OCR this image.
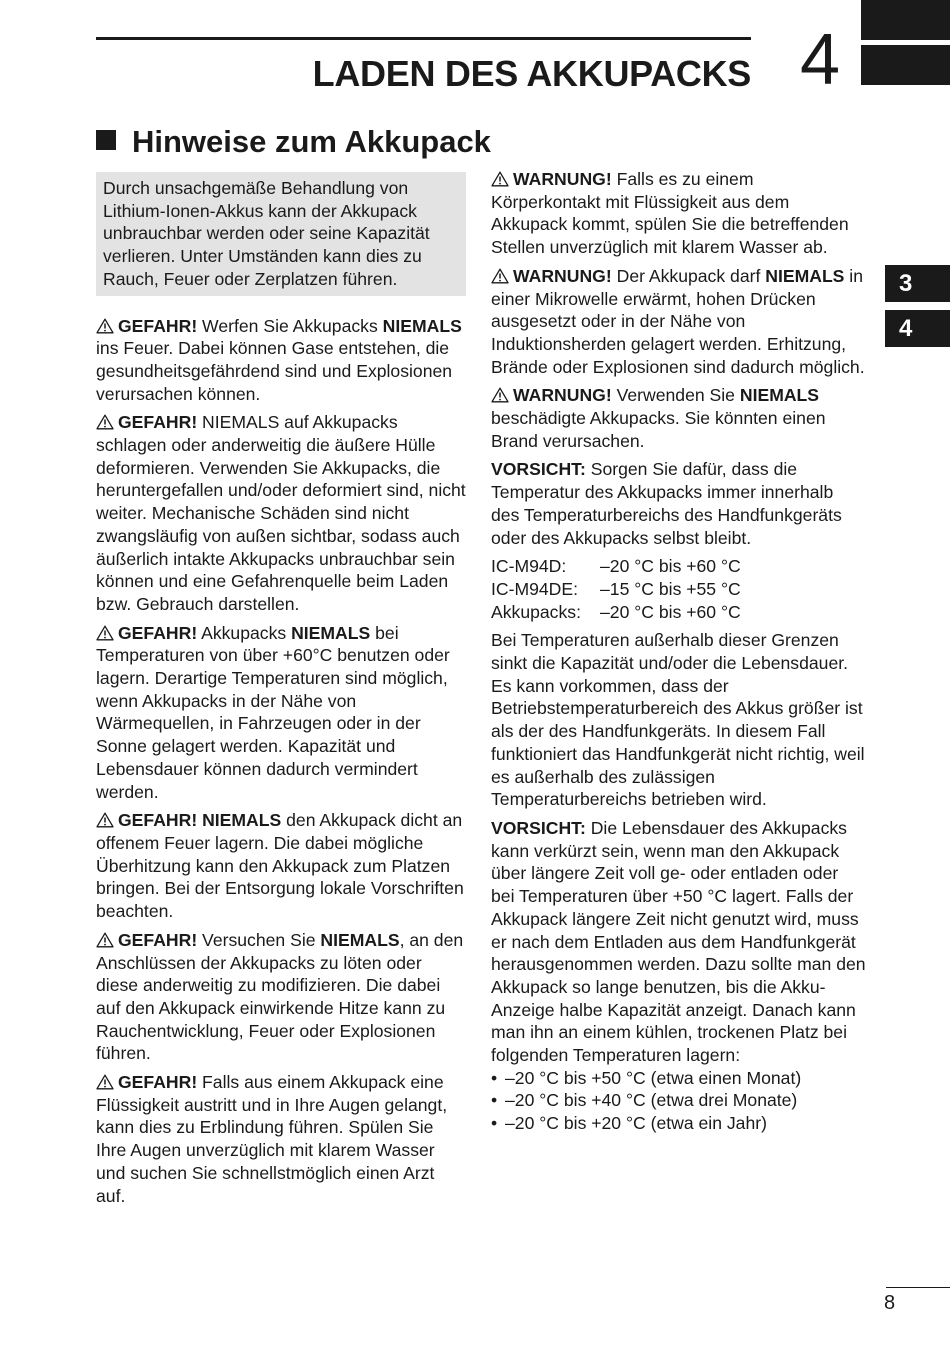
LADEN DES AKKUPACKS 4
Hinweise zum Akkupack
3
4
Durch unsachgemäße Behandlung von Lithium-Ionen-Akkus kann der Akkupack unbrauchbar werden oder seine Kapazität verlieren. Unter Umständen kann dies zu Rauch, Feuer oder Zerplatzen führen.
GEFAHR! Werfen Sie Akkupacks NIEMALS ins Feuer. Dabei können Gase entstehen, die gesundheitsgefährdend sind und Explosionen verursachen können.
GEFAHR! NIEMALS auf Akkupacks schlagen oder anderweitig die äußere Hülle deformieren. Verwenden Sie Akkupacks, die heruntergefallen und/oder deformiert sind, nicht weiter. Mechanische Schäden sind nicht zwangsläufig von außen sichtbar, sodass auch äußerlich intakte Akkupacks unbrauchbar sein können und eine Gefahrenquelle beim Laden bzw. Gebrauch darstellen.
GEFAHR! Akkupacks NIEMALS bei Temperaturen von über +60°C benutzen oder lagern. Derartige Temperaturen sind möglich, wenn Akkupacks in der Nähe von Wärmequellen, in Fahrzeugen oder in der Sonne gelagert werden. Kapazität und Lebensdauer können dadurch vermindert werden.
GEFAHR! NIEMALS den Akkupack dicht an offenem Feuer lagern. Die dabei mögliche Überhitzung kann den Akkupack zum Platzen bringen. Bei der Entsorgung lokale Vorschriften beachten.
GEFAHR! Versuchen Sie NIEMALS, an den Anschlüssen der Akkupacks zu löten oder diese anderweitig zu modifizieren. Die dabei auf den Akkupack einwirkende Hitze kann zu Rauchentwicklung, Feuer oder Explosionen führen.
GEFAHR! Falls aus einem Akkupack eine Flüssigkeit austritt und in Ihre Augen gelangt, kann dies zu Erblindung führen. Spülen Sie Ihre Augen unverzüglich mit klarem Wasser und suchen Sie schnellstmöglich einen Arzt auf.
WARNUNG! Falls es zu einem Körperkontakt mit Flüssigkeit aus dem Akkupack kommt, spülen Sie die betreffenden Stellen unverzüglich mit klarem Wasser ab.
WARNUNG! Der Akkupack darf NIEMALS in einer Mikrowelle erwärmt, hohen Drücken ausgesetzt oder in der Nähe von Induktionsherden gelagert werden. Erhitzung, Brände oder Explosionen sind dadurch möglich.
WARNUNG! Verwenden Sie NIEMALS beschädigte Akkupacks. Sie könnten einen Brand verursachen.
VORSICHT: Sorgen Sie dafür, dass die Temperatur des Akkupacks immer innerhalb des Temperaturbereichs des Handfunkgeräts oder des Akkupacks selbst bleibt.
IC-M94D:	–20 °C bis +60 °C
IC-M94DE:	–15 °C bis +55 °C
Akkupacks:	–20 °C bis +60 °C
Bei Temperaturen außerhalb dieser Grenzen sinkt die Kapazität und/oder die Lebensdauer. Es kann vorkommen, dass der Betriebstemperaturbereich des Akkus größer ist als der des Handfunkgeräts. In diesem Fall funktioniert das Handfunkgerät nicht richtig, weil es außerhalb des zulässigen Temperaturbereichs betrieben wird.
VORSICHT: Die Lebensdauer des Akkupacks kann verkürzt sein, wenn man den Akkupack über längere Zeit voll ge- oder entladen oder bei Temperaturen über +50 °C lagert. Falls der Akkupack längere Zeit nicht genutzt wird, muss er nach dem Entladen aus dem Handfunkgerät herausgenommen werden. Dazu sollte man den Akkupack so lange benutzen, bis die Akku-Anzeige halbe Kapazität anzeigt. Danach kann man ihn an einem kühlen, trockenen Platz bei folgenden Temperaturen lagern:
• –20 °C bis +50 °C (etwa einen Monat)
• –20 °C bis +40 °C (etwa drei Monate)
• –20 °C bis +20 °C (etwa ein Jahr)
8
